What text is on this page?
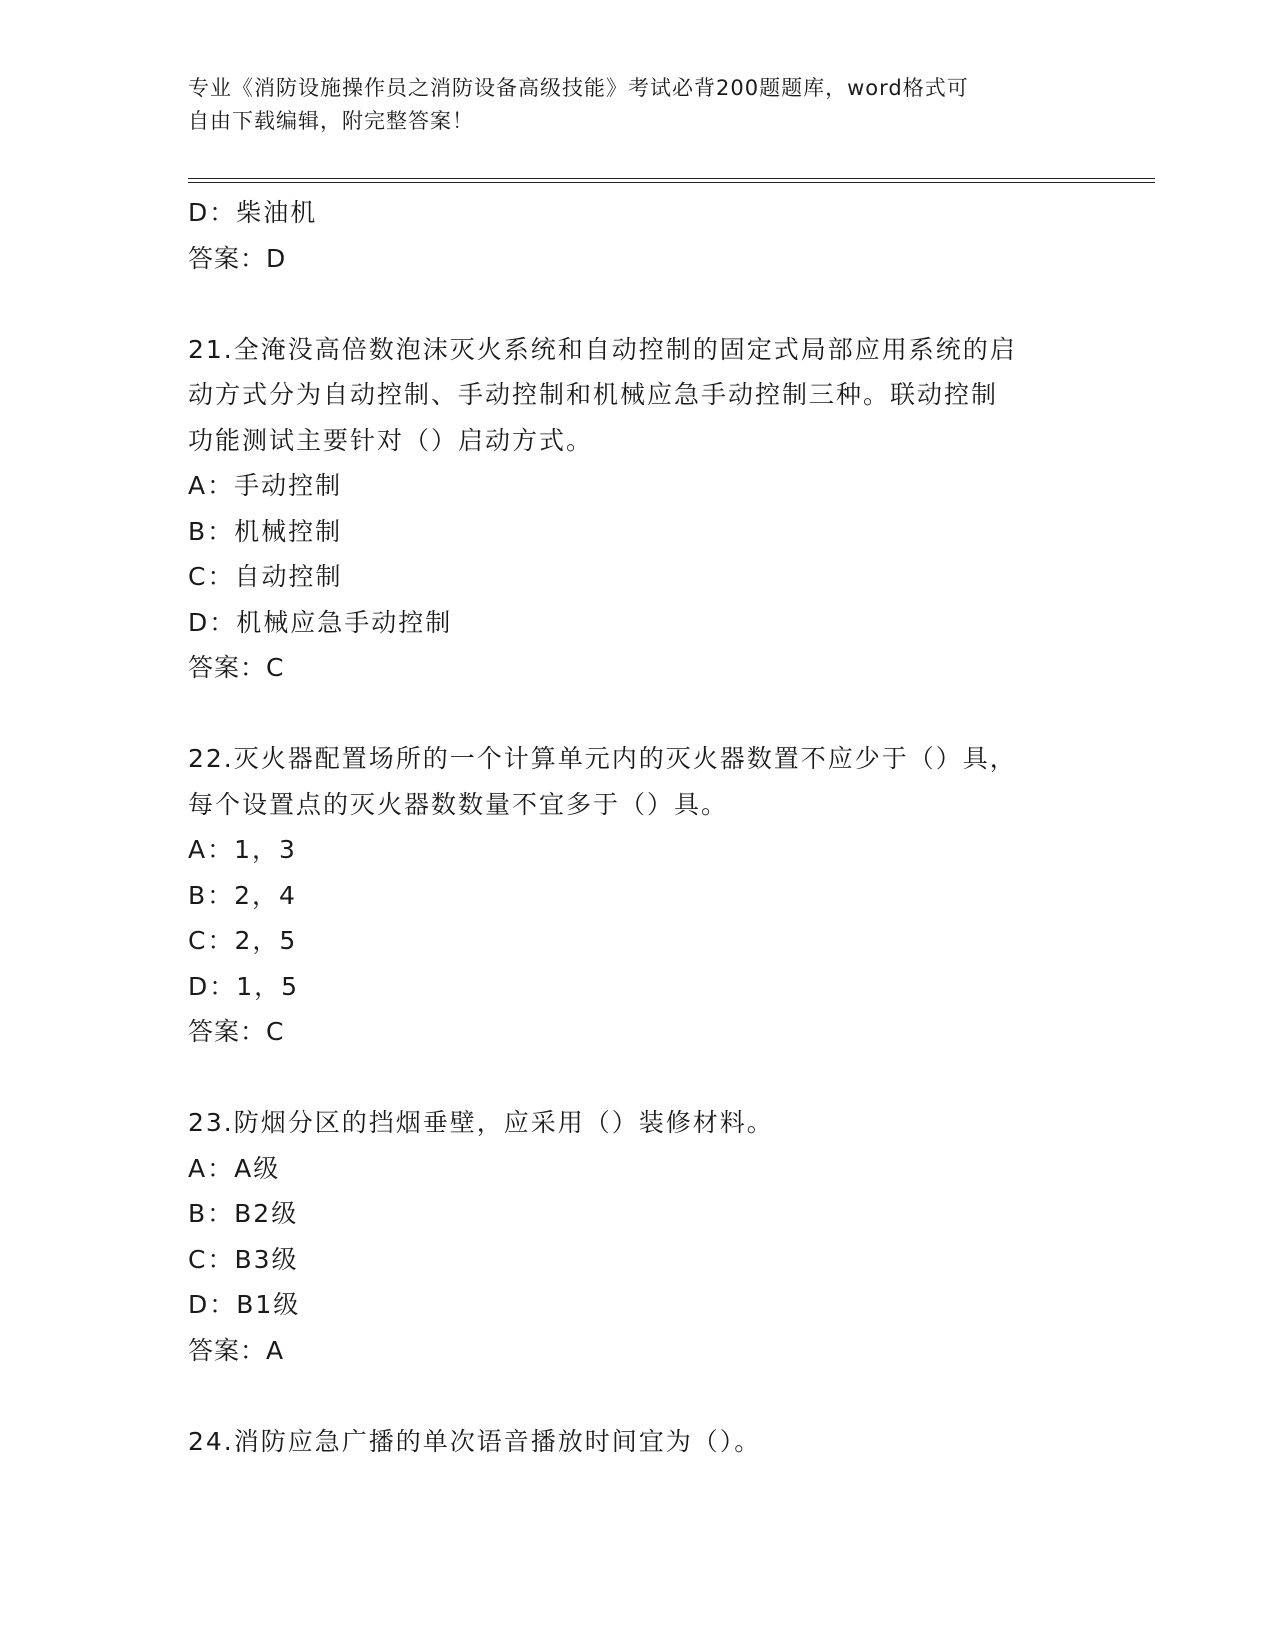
专业《消防设施操作员之消防设备高级技能》考试必背200题题库，word格式可
自由下载编辑，附完整答案！
D：柴油机
答案：D
21.全淹没高倍数泡沫灭火系统和自动控制的固定式局部应用系统的启
动方式分为自动控制、手动控制和机械应急手动控制三种。联动控制
功能测试主要针对（）启动方式。
A：手动控制
B：机械控制
C：自动控制
D：机械应急手动控制
答案：C
22.灭火器配置场所的一个计算单元内的灭火器数置不应少于（）具，
每个设置点的灭火器数数量不宜多于（）具。
A：1，3
B：2，4
C：2，5
D：1，5
答案：C
23.防烟分区的挡烟垂壁，应采用（）装修材料。
A：A级
B：B2级
C：B3级
D：B1级
答案：A
24.消防应急广播的单次语音播放时间宜为（）。
